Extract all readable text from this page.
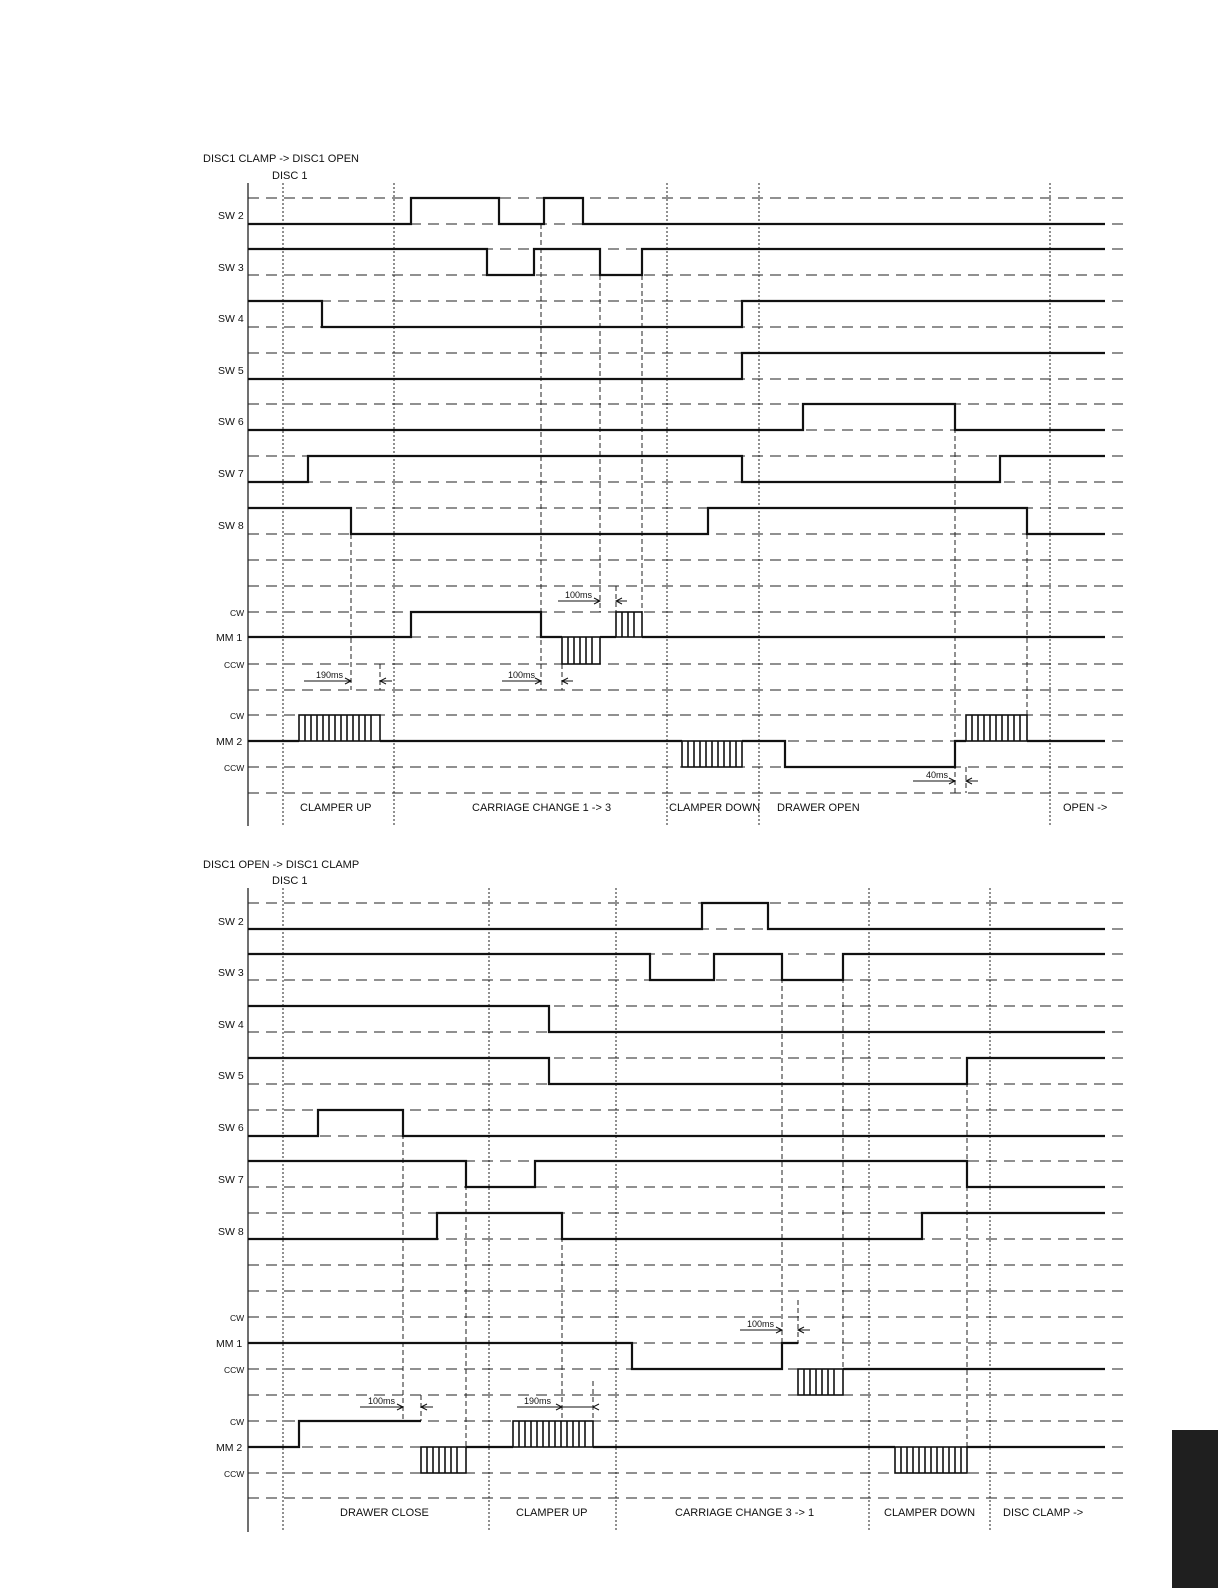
DISC1 CLAMP -> DISC1 OPEN
DISC 1
SW 2
SW 3
SW 4
SW 5
SW 6
SW 7
SW 8
CW
MM 1
CCW
CW
MM 2
CCW
190ms
100ms
100ms
40ms
CLAMPER UP	CARRIAGE CHANGE 1 -> 3	CLAMPER DOWN DRAWER OPEN	OPEN ->
DISC1 OPEN -> DISC1 CLAMP
DISC 1
SW 2
SW 3
SW 4
SW 5
SW 6
SW 7
SW 8
CW
MM 1
CCW
CW
MM 2
CCW
100ms	190ms
100ms
DRAWER CLOSE	CLAMPER UP	CARRIAGE CHANGE 3 -> 1	CLAMPER DOWN	DISC CLAMP ->
